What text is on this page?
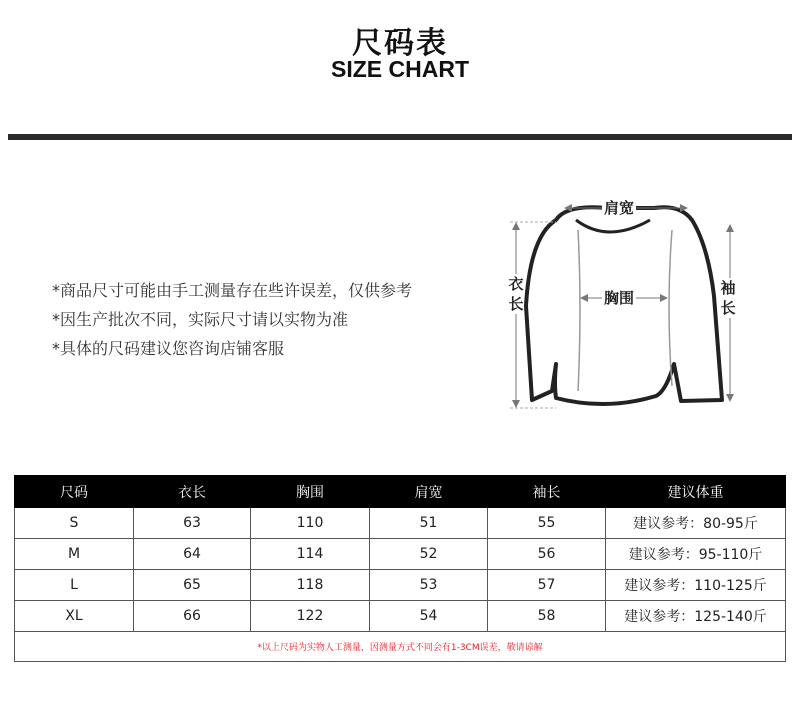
尺码表
SIZE CHART
*商品尺寸可能由手工测量存在些许误差，仅供参考
*因生产批次不同，实际尺寸请以实物为准
*具体的尺码建议您咨询店铺客服
肩宽
胸围
衣长
袖长
尺码	衣长	胸围	肩宽	袖长	建议体重
S	63	110	51	55	建议参考：80-95斤
M	64	114	52	56	建议参考：95-110斤
L	65	118	53	57	建议参考：110-125斤
XL	66	122	54	58	建议参考：125-140斤
*以上尺码为实物人工测量，因测量方式不同会有1-3CM误差，敬请谅解					
